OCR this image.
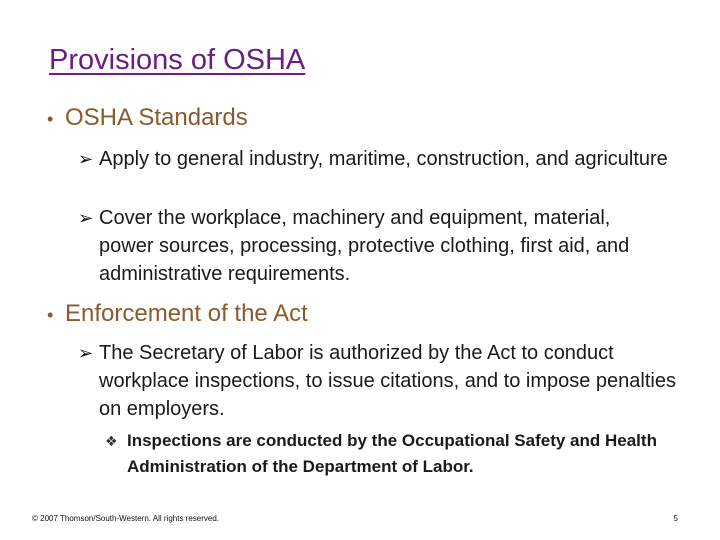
Provisions of OSHA
• OSHA Standards
➢ Apply to general industry, maritime, construction, and agriculture
➢ Cover the workplace, machinery and equipment, material, power sources, processing, protective clothing, first aid, and administrative requirements.
• Enforcement of the Act
➢ The Secretary of Labor is authorized by the Act to conduct workplace inspections, to issue citations, and to impose penalties on employers.
❖ Inspections are conducted by the Occupational Safety and Health Administration of the Department of Labor.
© 2007 Thomson/South-Western. All rights reserved.	5
